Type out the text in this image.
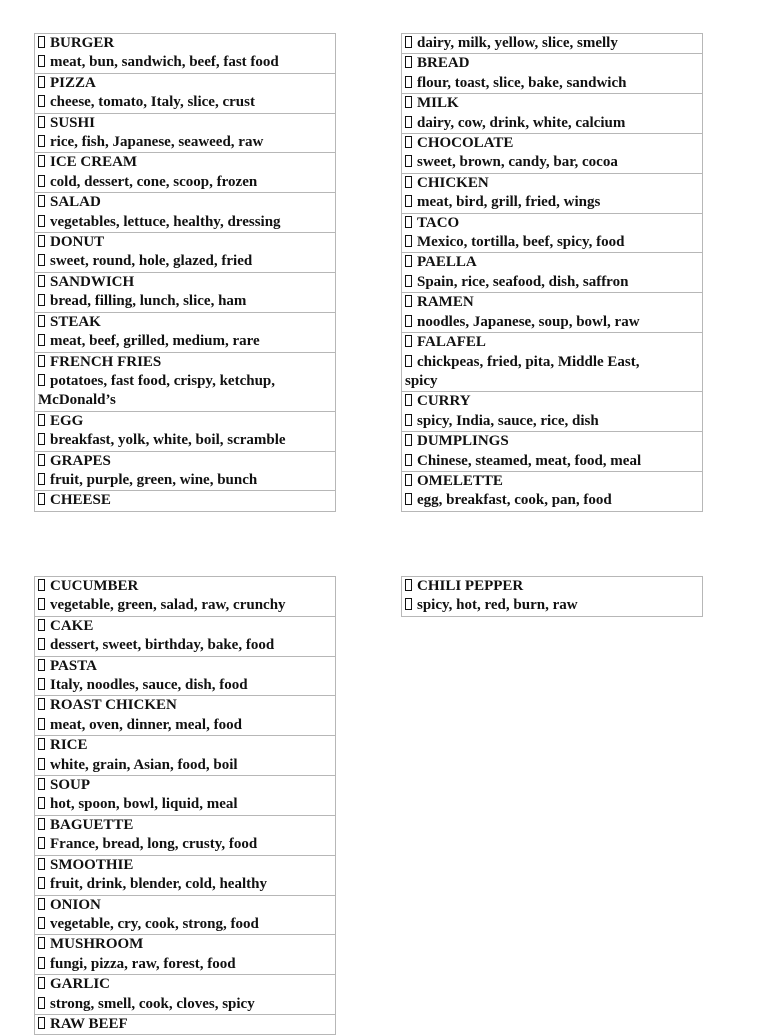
BURGER
meat, bun, sandwich, beef, fast food
PIZZA
cheese, tomato, Italy, slice, crust
SUSHI
rice, fish, Japanese, seaweed, raw
ICE CREAM
cold, dessert, cone, scoop, frozen
SALAD
vegetables, lettuce, healthy, dressing
DONUT
sweet, round, hole, glazed, fried
SANDWICH
bread, filling, lunch, slice, ham
STEAK
meat, beef, grilled, medium, rare
FRENCH FRIES
potatoes, fast food, crispy, ketchup,
McDonald’s
EGG
breakfast, yolk, white, boil, scramble
GRAPES
fruit, purple, green, wine, bunch
CHEESE
dairy, milk, yellow, slice, smelly
BREAD
flour, toast, slice, bake, sandwich
MILK
dairy, cow, drink, white, calcium
CHOCOLATE
sweet, brown, candy, bar, cocoa
CHICKEN
meat, bird, grill, fried, wings
TACO
Mexico, tortilla, beef, spicy, food
PAELLA
Spain, rice, seafood, dish, saffron
RAMEN
noodles, Japanese, soup, bowl, raw
FALAFEL
chickpeas, fried, pita, Middle East,
spicy
CURRY
spicy, India, sauce, rice, dish
DUMPLINGS
Chinese, steamed, meat, food, meal
OMELETTE
egg, breakfast, cook, pan, food
CUCUMBER
vegetable, green, salad, raw, crunchy
CAKE
dessert, sweet, birthday, bake, food
PASTA
Italy, noodles, sauce, dish, food
ROAST CHICKEN
meat, oven, dinner, meal, food
RICE
white, grain, Asian, food, boil
SOUP
hot, spoon, bowl, liquid, meal
BAGUETTE
France, bread, long, crusty, food
SMOOTHIE
fruit, drink, blender, cold, healthy
ONION
vegetable, cry, cook, strong, food
MUSHROOM
fungi, pizza, raw, forest, food
GARLIC
strong, smell, cook, cloves, spicy
RAW BEEF
CHILI PEPPER
spicy, hot, red, burn, raw
